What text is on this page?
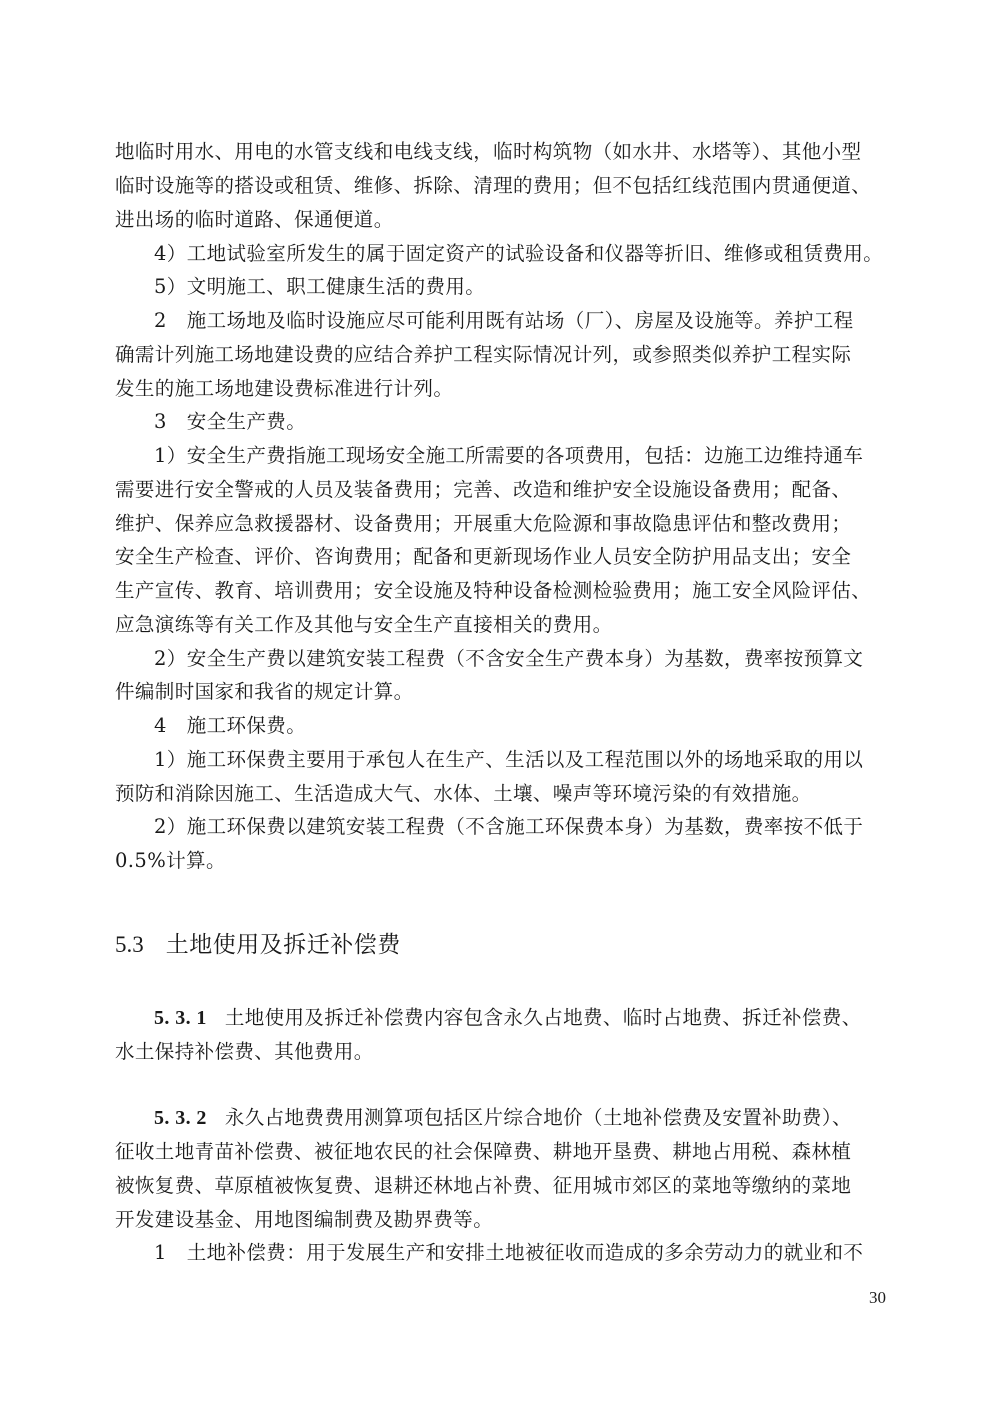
地临时用水、用电的水管支线和电线支线，临时构筑物（如水井、水塔等）、其他小型
临时设施等的搭设或租赁、维修、拆除、清理的费用；但不包括红线范围内贯通便道、
进出场的临时道路、保通便道。
4）工地试验室所发生的属于固定资产的试验设备和仪器等折旧、维修或租赁费用。
5）文明施工、职工健康生活的费用。
2　施工场地及临时设施应尽可能利用既有站场（厂）、房屋及设施等。养护工程
确需计列施工场地建设费的应结合养护工程实际情况计列，或参照类似养护工程实际
发生的施工场地建设费标准进行计列。
3　安全生产费。
1）安全生产费指施工现场安全施工所需要的各项费用，包括：边施工边维持通车
需要进行安全警戒的人员及装备费用；完善、改造和维护安全设施设备费用；配备、
维护、保养应急救援器材、设备费用；开展重大危险源和事故隐患评估和整改费用；
安全生产检查、评价、咨询费用；配备和更新现场作业人员安全防护用品支出；安全
生产宣传、教育、培训费用；安全设施及特种设备检测检验费用；施工安全风险评估、
应急演练等有关工作及其他与安全生产直接相关的费用。
2）安全生产费以建筑安装工程费（不含安全生产费本身）为基数，费率按预算文
件编制时国家和我省的规定计算。
4　施工环保费。
1）施工环保费主要用于承包人在生产、生活以及工程范围以外的场地采取的用以
预防和消除因施工、生活造成大气、水体、土壤、噪声等环境污染的有效措施。
2）施工环保费以建筑安装工程费（不含施工环保费本身）为基数，费率按不低于
0.5%计算。
5.3 土地使用及拆迁补偿费
5. 3. 1 土地使用及拆迁补偿费内容包含永久占地费、临时占地费、拆迁补偿费、
水土保持补偿费、其他费用。
5. 3. 2 永久占地费费用测算项包括区片综合地价（土地补偿费及安置补助费）、
征收土地青苗补偿费、被征地农民的社会保障费、耕地开垦费、耕地占用税、森林植
被恢复费、草原植被恢复费、退耕还林地占补费、征用城市郊区的菜地等缴纳的菜地
开发建设基金、用地图编制费及勘界费等。
1　土地补偿费：用于发展生产和安排土地被征收而造成的多余劳动力的就业和不
30
